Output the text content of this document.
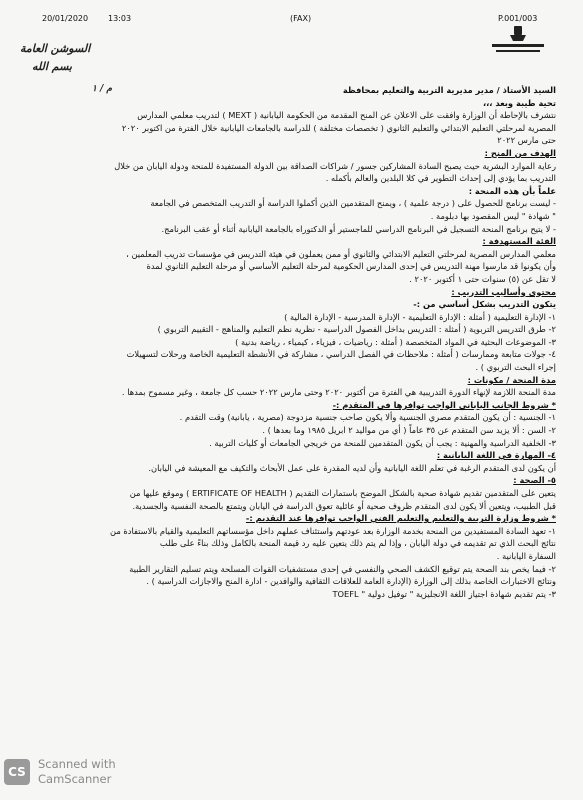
20/01/2020 13:03	(FAX)	P.001/003
السوشن العامة
بسم الله
م / ١	السيد الأستاذ / مدير مديرية التربية والتعليم بمحافظة

تحية طيبة وبعد ،،،

نتشرف بالإحاطة أن الوزارة وافقت على الاعلان عن المنح المقدمة من الحكومة اليابانية ( MEXT ) لتدريب معلمي المدارس

المصرية لمرحلتي التعليم الابتدائي والتعليم الثانوي ( تخصصات مختلفة ) للدراسة بالجامعات اليابانية خلال الفترة من اكتوبر ٢٠٢٠

حتى مارس ٢٠٢٢

الهدف من المنح :

رعاية الموارد البشرية حيث يصبح السادة المشاركين جسور / شراكات الصداقة بين الدولة المستفيدة للمنحة ودولة اليابان من خلال

التدريب بما يؤدي إلى إحداث التطوير في كلا البلدين والعالم بأكمله .

علماً بأن هذه المنحة :

- ليست برنامج للحصول على ( درجة علمية ) ، ويمنح المتقدمين الذين أكملوا الدراسة أو التدريب المتخصص في الجامعة

" شهادة " ليس المقصود بها دبلومة .

- لا يتيح برنامج المنحة التسجيل في البرنامج الدراسي للماجستير أو الدكتوراه بالجامعة اليابانية أثناء أو عقب البرنامج.

الفئة المستهدفة :

معلمي المدارس المصرية لمرحلتي التعليم الابتدائي والثانوي أو ممن يعملون في هيئة التدريس في مؤسسات تدريب المعلمين ،

وأن يكونوا قد مارسوا مهنة التدريس في إحدى المدارس الحكومية لمرحلة التعليم الأساسي أو مرحلة التعليم الثانوي لمدة

لا تقل عن (٥) سنوات حتى ١ أكتوبر ٢٠٢٠ .

محتوى وأساليب التدريب :

يتكون التدريب بشكل أساسي من :-

١- الإدارة التعليمية ( أمثلة : الإدارة التعليمية - الإدارة المدرسية - الإدارة المالية )

٢- طرق التدريس التربوية ( أمثلة : التدريس بداخل الفصول الدراسية - نظرية نظم التعليم والمناهج - التقييم التربوي )

٣- الموضوعات البحثية في المواد المتخصصة ( أمثلة : رياضيات ، فيزياء ، كيمياء ، رياضة بدنية )

٤- جولات متابعة وممارسات ( أمثلة : ملاحظات في الفصل الدراسي ، مشاركة في الأنشطة التعليمية الخاصة ورحلات لتسهيلات

إجراء البحث التربوي ) .

مدة المنحة / مكونات :

مدة المنحة اللازمة لإنهاء الدورة التدريبية هي الفترة من أكتوبر ٢٠٢٠ وحتى مارس ٢٠٢٢ حسب كل جامعة ، وغير مسموح بمدها .

* شروط الجانب الياباني الواجب توافرها في المتقدم :-

١- الجنسية : أن يكون المتقدم مصري الجنسية وألا يكون صاحب جنسية مزدوجة (مصرية ، يابانية) وقت التقدم .

٢- السن : ألا يزيد سن المتقدم عن ٣٥ عاماً ( أي من مواليد ٢ ابريل ١٩٨٥ وما بعدها ) .

٣- الخلفية الدراسية والمهنية : يجب أن يكون المتقدمين للمنحة من خريجي الجامعات أو كليات التربية .

٤- المهارة في اللغة اليابانية :

أن يكون لدى المتقدم الرغبة في تعلم اللغة اليابانية وأن لديه المقدرة على عمل الأبحاث والتكيف مع المعيشة في اليابان.

٥- الصحة :

يتعين على المتقدمين تقديم شهادة صحية بالشكل الموضح باستمارات التقديم ( ERTIFICATE OF HEALTH ) وموقع عليها من

قبل الطبيب، ويتعين ألا يكون لدى المتقدم ظروف صحية أو عائلية تعوق الدراسة في اليابان ويتمتع بالصحة النفسية والجسدية.

* شروط وزارة التربية والتعليم والتعليم الفني الواجب توافرها عند التقديم :-

١- تعهد السادة المستفيدين من المنحة بخدمة الوزارة بعد عودتهم واستئناف عملهم داخل مؤسساتهم التعليمية والقيام بالاستفادة من

نتائج البحث الذي تم تقديمه في دولة اليابان ، وإذا لم يتم ذلك يتعين عليه رد قيمة المنحة بالكامل وذلك بناءً على طلب

السفارة اليابانية .

٢- فيما يخص بند الصحة يتم توقيع الكشف الصحي والنفسي في إحدى مستشفيات القوات المسلحة ويتم تسليم التقارير الطبية

ونتائج الاختبارات الخاصة بذلك إلى الوزارة (الإدارة العامة للعلاقات الثقافية والوافدين - ادارة المنح والاجازات الدراسية ) .

٣- يتم تقديم شهادة اجتياز اللغة الانجليزية " توفيل دولية " TOEFL

CS
Scanned with
CamScanner
